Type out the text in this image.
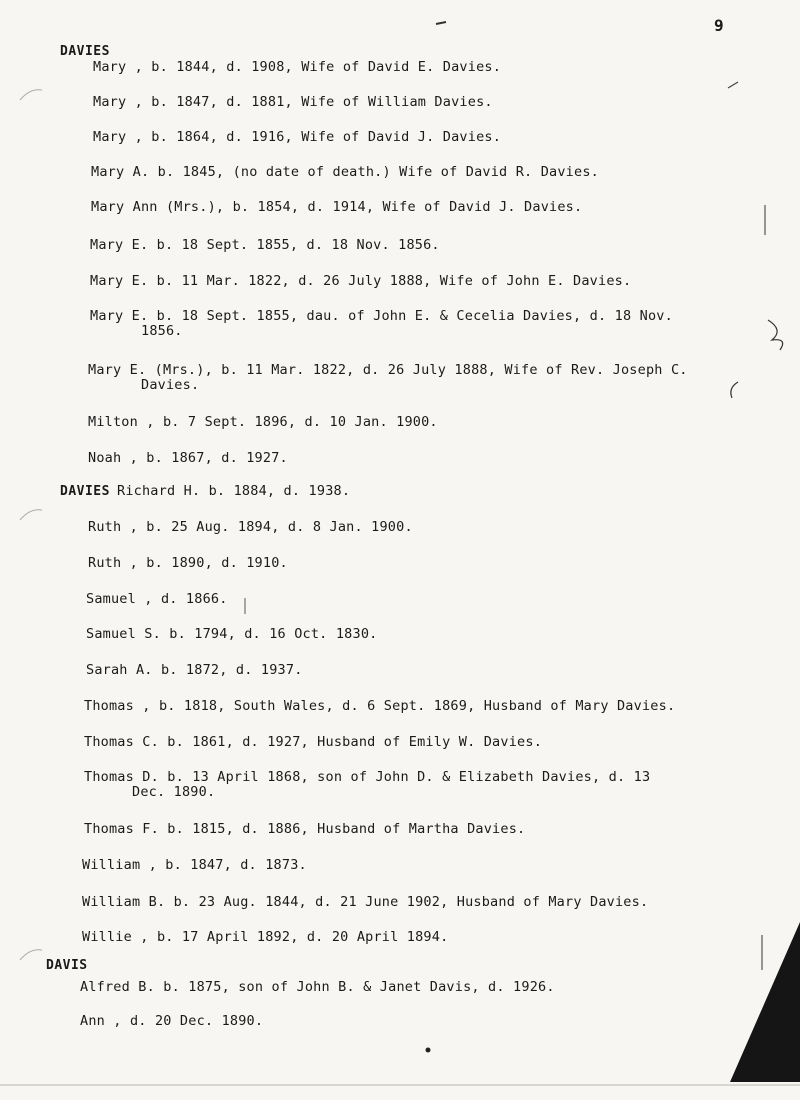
9
DAVIES
Mary , b. 1844, d. 1908, Wife of David E. Davies.
Mary , b. 1847, d. 1881, Wife of William Davies.
Mary , b. 1864, d. 1916, Wife of David J. Davies.
Mary A. b. 1845, (no date of death.) Wife of David R. Davies.
Mary Ann (Mrs.), b. 1854, d. 1914, Wife of David J. Davies.
Mary E. b. 18 Sept. 1855, d. 18 Nov. 1856.
Mary E. b. 11 Mar. 1822, d. 26 July 1888, Wife of John E. Davies.
Mary E. b. 18 Sept. 1855, dau. of John E. & Cecelia Davies, d. 18 Nov.
1856.
Mary E. (Mrs.), b. 11 Mar. 1822, d. 26 July 1888, Wife of Rev. Joseph C.
Davies.
Milton , b. 7 Sept. 1896, d. 10 Jan. 1900.
Noah , b. 1867, d. 1927.
DAVIES Richard H. b. 1884, d. 1938.
Ruth , b. 25 Aug. 1894, d. 8 Jan. 1900.
Ruth , b. 1890, d. 1910.
Samuel , d. 1866.
Samuel S. b. 1794, d. 16 Oct. 1830.
Sarah A. b. 1872, d. 1937.
Thomas , b. 1818, South Wales, d. 6 Sept. 1869, Husband of Mary Davies.
Thomas C. b. 1861, d. 1927, Husband of Emily W. Davies.
Thomas D. b. 13 April 1868, son of John D. & Elizabeth Davies, d. 13
Dec. 1890.
Thomas F. b. 1815, d. 1886, Husband of Martha Davies.
William , b. 1847, d. 1873.
William B. b. 23 Aug. 1844, d. 21 June 1902, Husband of Mary Davies.
Willie , b. 17 April 1892, d. 20 April 1894.
DAVIS
Alfred B. b. 1875, son of John B. & Janet Davis, d. 1926.
Ann , d. 20 Dec. 1890.
